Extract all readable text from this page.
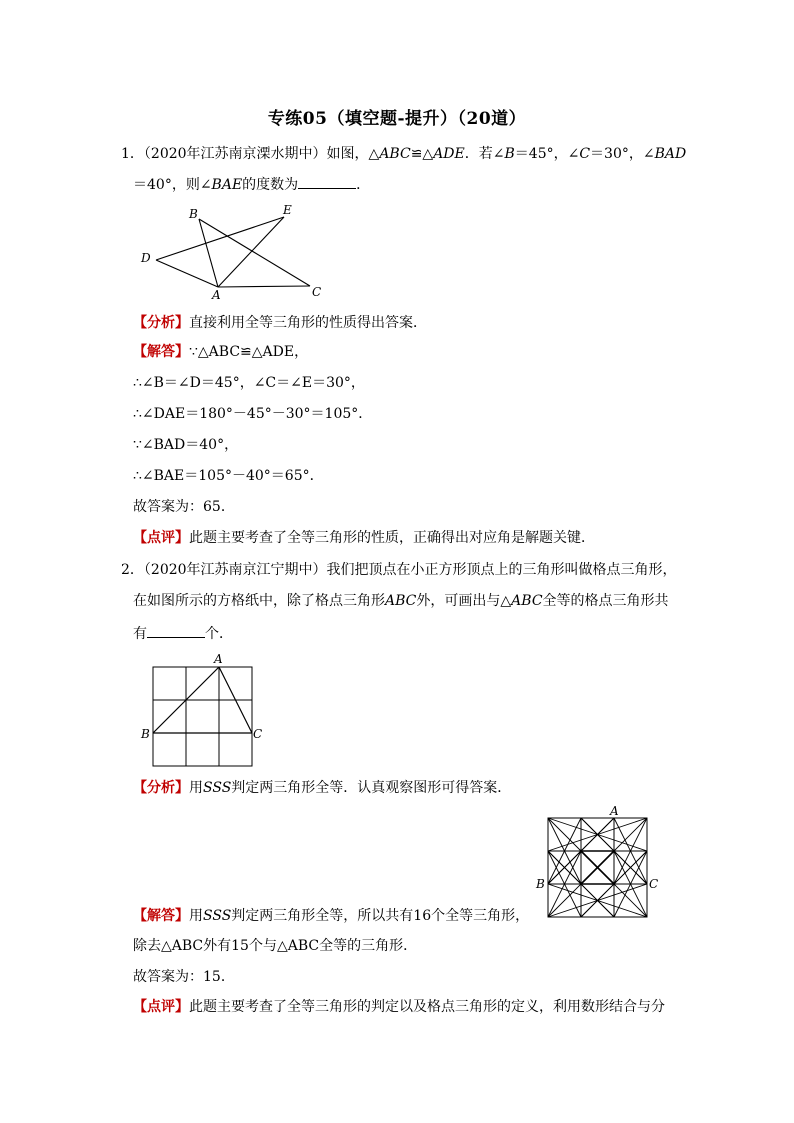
专练05（填空题-提升）（20道）
1．（2020年江苏南京溧水期中）如图，△ABC≌△ADE．若∠B＝45°，∠C＝30°，∠BAD
＝40°，则∠BAE的度数为	．
B	E
D
A	C
【分析】直接利用全等三角形的性质得出答案．
【解答】∵△ABC≌△ADE，
∴∠B＝∠D＝45°，∠C＝∠E＝30°，
∴∠DAE＝180°－45°－30°＝105°．
∵∠BAD＝40°，
∴∠BAE＝105°－40°＝65°．
故答案为：65．
【点评】此题主要考查了全等三角形的性质，正确得出对应角是解题关键．
2．（2020年江苏南京江宁期中）我们把顶点在小正方形顶点上的三角形叫做格点三角形，
在如图所示的方格纸中，除了格点三角形ABC外，可画出与△ABC全等的格点三角形共
有	个．
A
B	C
【分析】用SSS判定两三角形全等．认真观察图形可得答案．
A
B	C
【解答】用SSS判定两三角形全等，所以共有16个全等三角形，
除去△ABC外有15个与△ABC全等的三角形．
故答案为：15．
【点评】此题主要考查了全等三角形的判定以及格点三角形的定义，利用数形结合与分
